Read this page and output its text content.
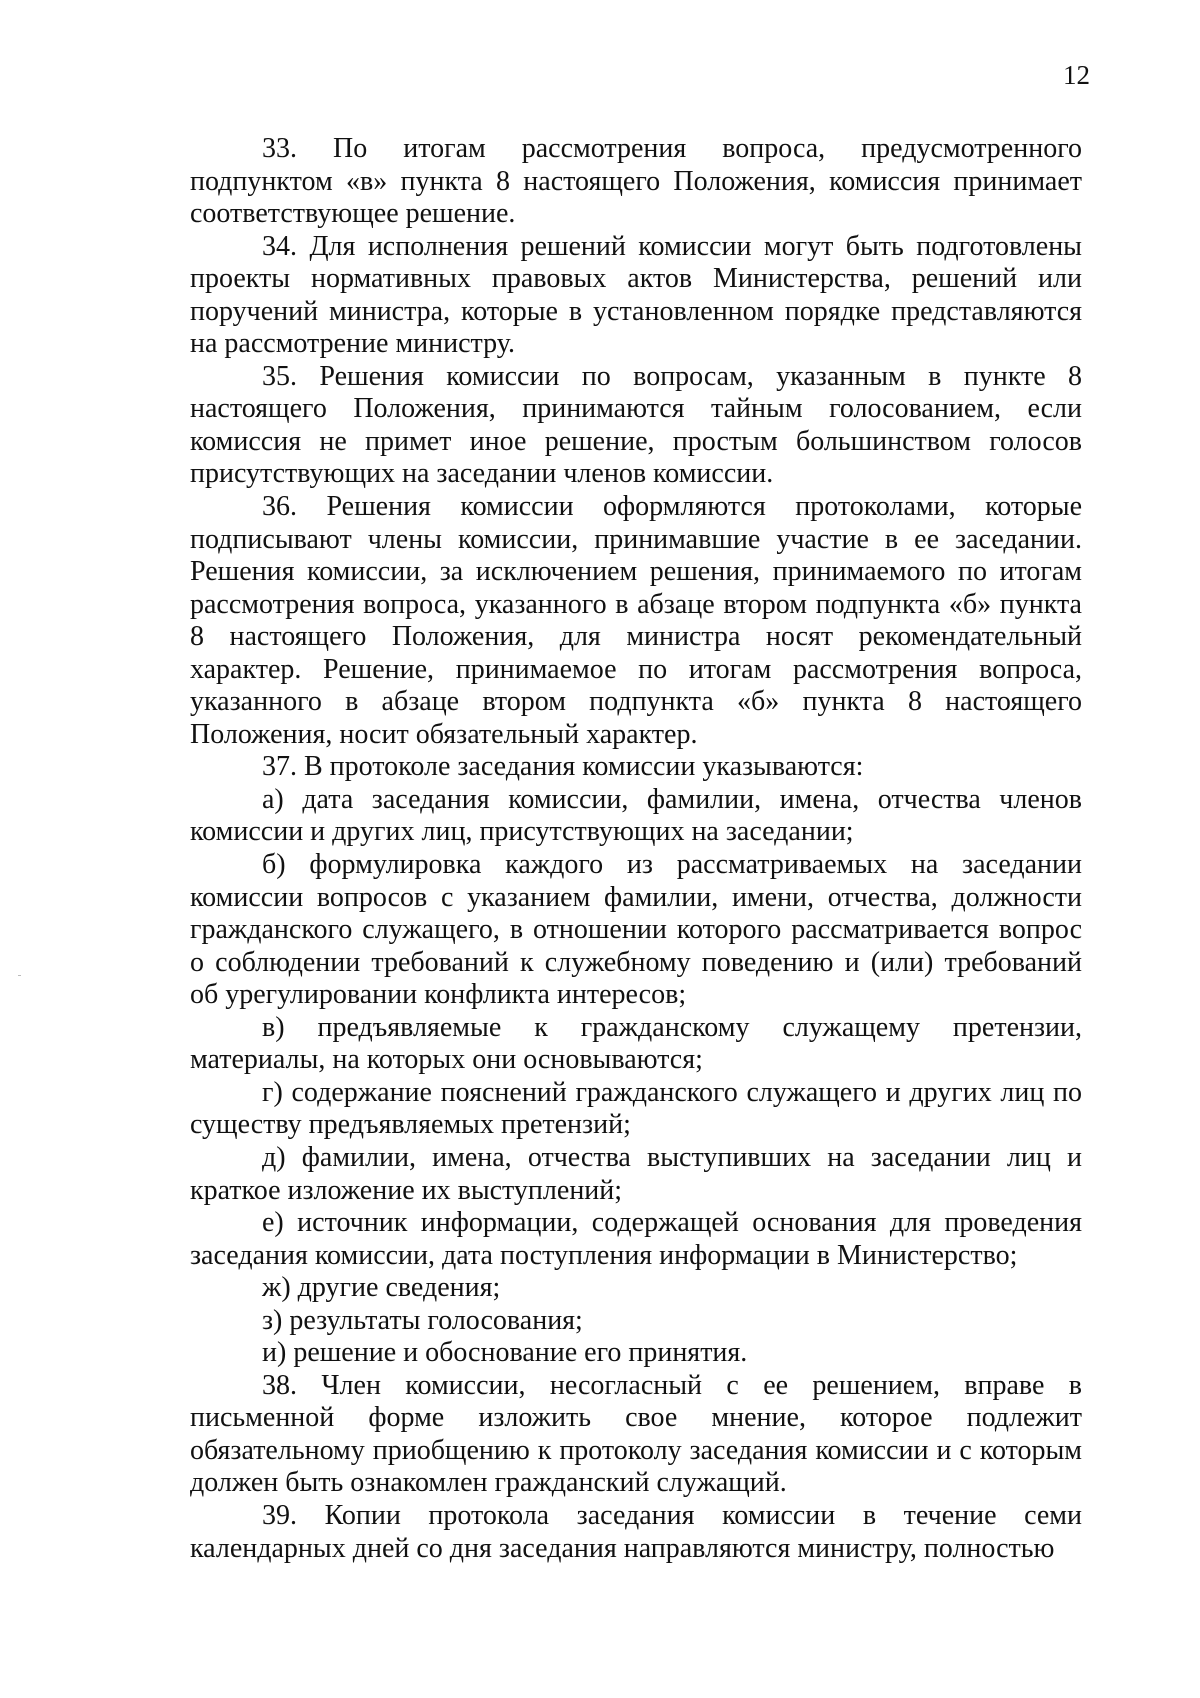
12

33. По итогам рассмотрения вопроса, предусмотренного подпунктом «в» пункта 8 настоящего Положения, комиссия принимает соответствующее решение.

34. Для исполнения решений комиссии могут быть подготовлены проекты нормативных правовых актов Министерства, решений или поручений министра, которые в установленном порядке представляются на рассмотрение министру.

35. Решения комиссии по вопросам, указанным в пункте 8 настоящего Положения, принимаются тайным голосованием, если комиссия не примет иное решение, простым большинством голосов присутствующих на заседании членов комиссии.

36. Решения комиссии оформляются протоколами, которые подписывают члены комиссии, принимавшие участие в ее заседании. Решения комиссии, за исключением решения, принимаемого по итогам рассмотрения вопроса, указанного в абзаце втором подпункта «б» пункта 8 настоящего Положения, для министра носят рекомендательный характер. Решение, принимаемое по итогам рассмотрения вопроса, указанного в абзаце втором подпункта «б» пункта 8 настоящего Положения, носит обязательный характер.

37. В протоколе заседания комиссии указываются:

а) дата заседания комиссии, фамилии, имена, отчества членов комиссии и других лиц, присутствующих на заседании;

б) формулировка каждого из рассматриваемых на заседании комиссии вопросов с указанием фамилии, имени, отчества, должности гражданского служащего, в отношении которого рассматривается вопрос о соблюдении требований к служебному поведению и (или) требований об урегулировании конфликта интересов;

в) предъявляемые к гражданскому служащему претензии, материалы, на которых они основываются;

г) содержание пояснений гражданского служащего и других лиц по существу предъявляемых претензий;

д) фамилии, имена, отчества выступивших на заседании лиц и краткое изложение их выступлений;

е) источник информации, содержащей основания для проведения заседания комиссии, дата поступления информации в Министерство;

ж) другие сведения;

з) результаты голосования;

и) решение и обоснование его принятия.

38. Член комиссии, несогласный с ее решением, вправе в письменной форме изложить свое мнение, которое подлежит обязательному приобщению к протоколу заседания комиссии и с которым должен быть ознакомлен гражданский служащий.

39. Копии протокола заседания комиссии в течение семи календарных дней со дня заседания направляются министру, полностью
